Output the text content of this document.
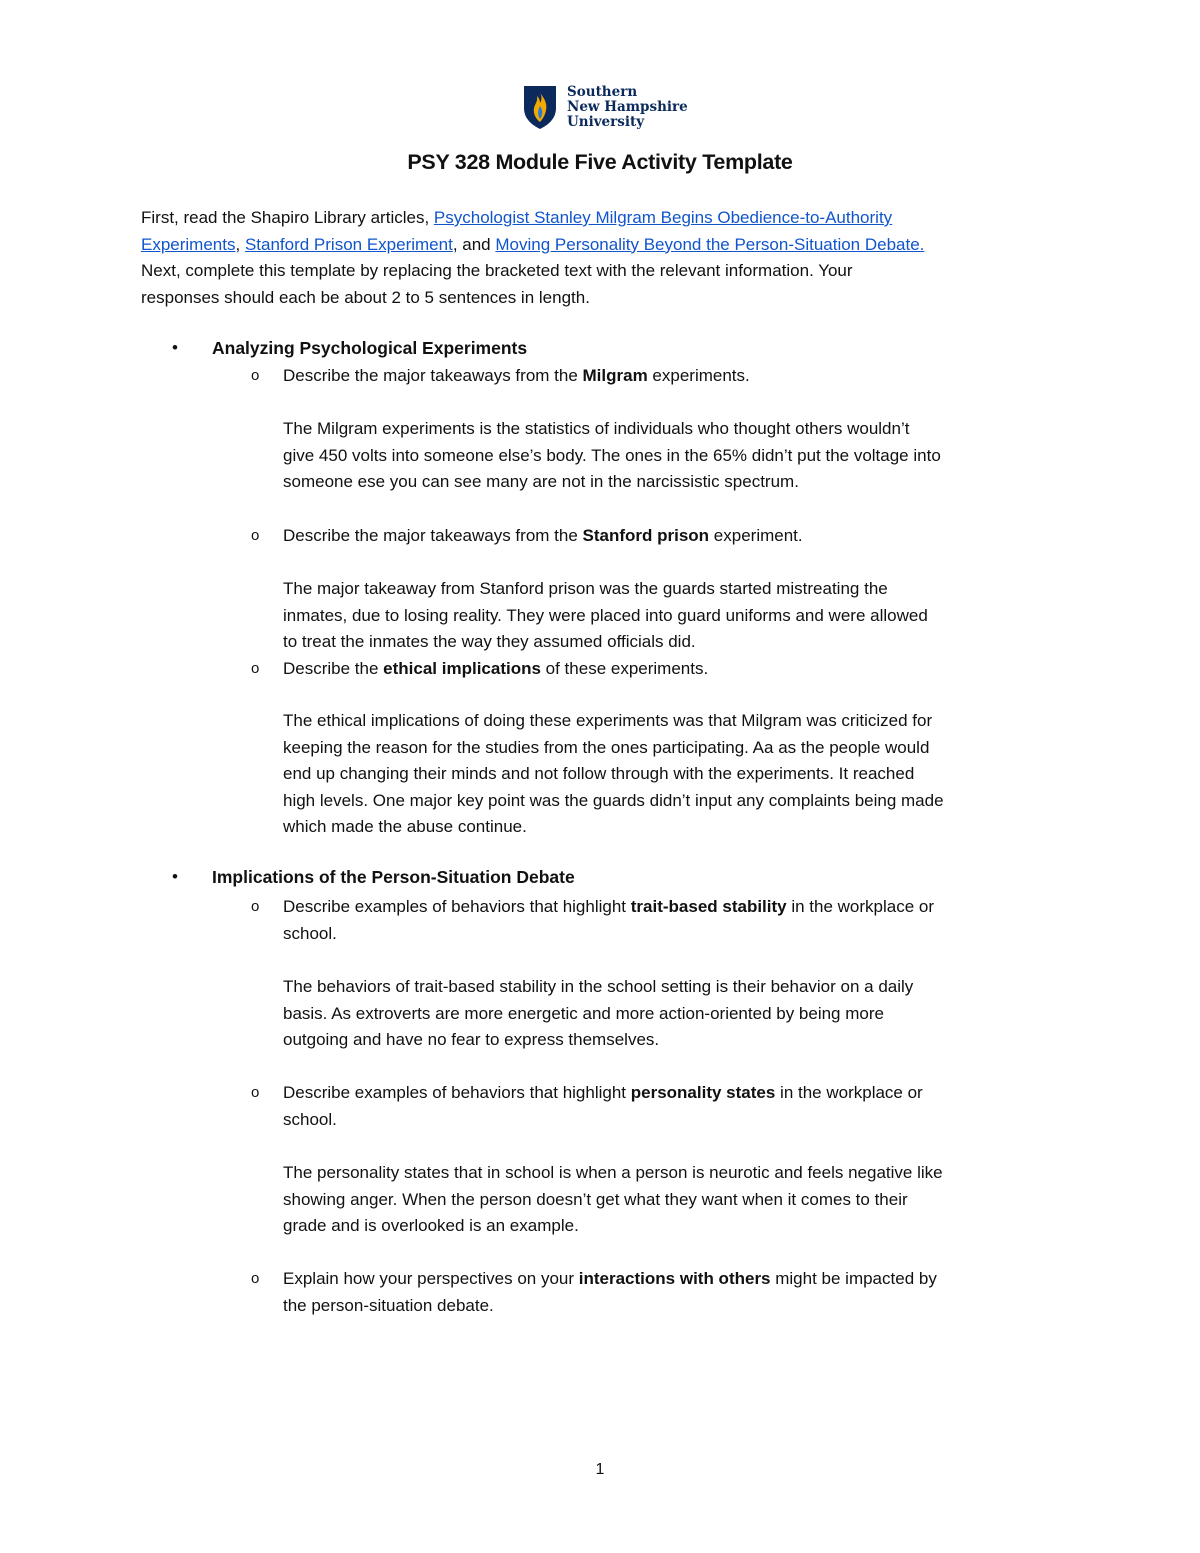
Southern
New Hampshire
University
PSY 328 Module Five Activity Template
First, read the Shapiro Library articles, Psychologist Stanley Milgram Begins Obedience-to-Authority
Experiments, Stanford Prison Experiment, and Moving Personality Beyond the Person-Situation Debate.
Next, complete this template by replacing the bracketed text with the relevant information. Your
responses should each be about 2 to 5 sentences in length.
• Analyzing Psychological Experiments
o Describe the major takeaways from the Milgram experiments.
The Milgram experiments is the statistics of individuals who thought others wouldn’t
give 450 volts into someone else’s body. The ones in the 65% didn’t put the voltage into
someone ese you can see many are not in the narcissistic spectrum.
o Describe the major takeaways from the Stanford prison experiment.
The major takeaway from Stanford prison was the guards started mistreating the
inmates, due to losing reality. They were placed into guard uniforms and were allowed
to treat the inmates the way they assumed officials did.
o Describe the ethical implications of these experiments.
The ethical implications of doing these experiments was that Milgram was criticized for
keeping the reason for the studies from the ones participating. Aa as the people would
end up changing their minds and not follow through with the experiments. It reached
high levels. One major key point was the guards didn’t input any complaints being made
which made the abuse continue.
• Implications of the Person-Situation Debate
o Describe examples of behaviors that highlight trait-based stability in the workplace or
school.
The behaviors of trait-based stability in the school setting is their behavior on a daily
basis. As extroverts are more energetic and more action-oriented by being more
outgoing and have no fear to express themselves.
o Describe examples of behaviors that highlight personality states in the workplace or
school.
The personality states that in school is when a person is neurotic and feels negative like
showing anger. When the person doesn’t get what they want when it comes to their
grade and is overlooked is an example.
o Explain how your perspectives on your interactions with others might be impacted by
the person-situation debate.
1
